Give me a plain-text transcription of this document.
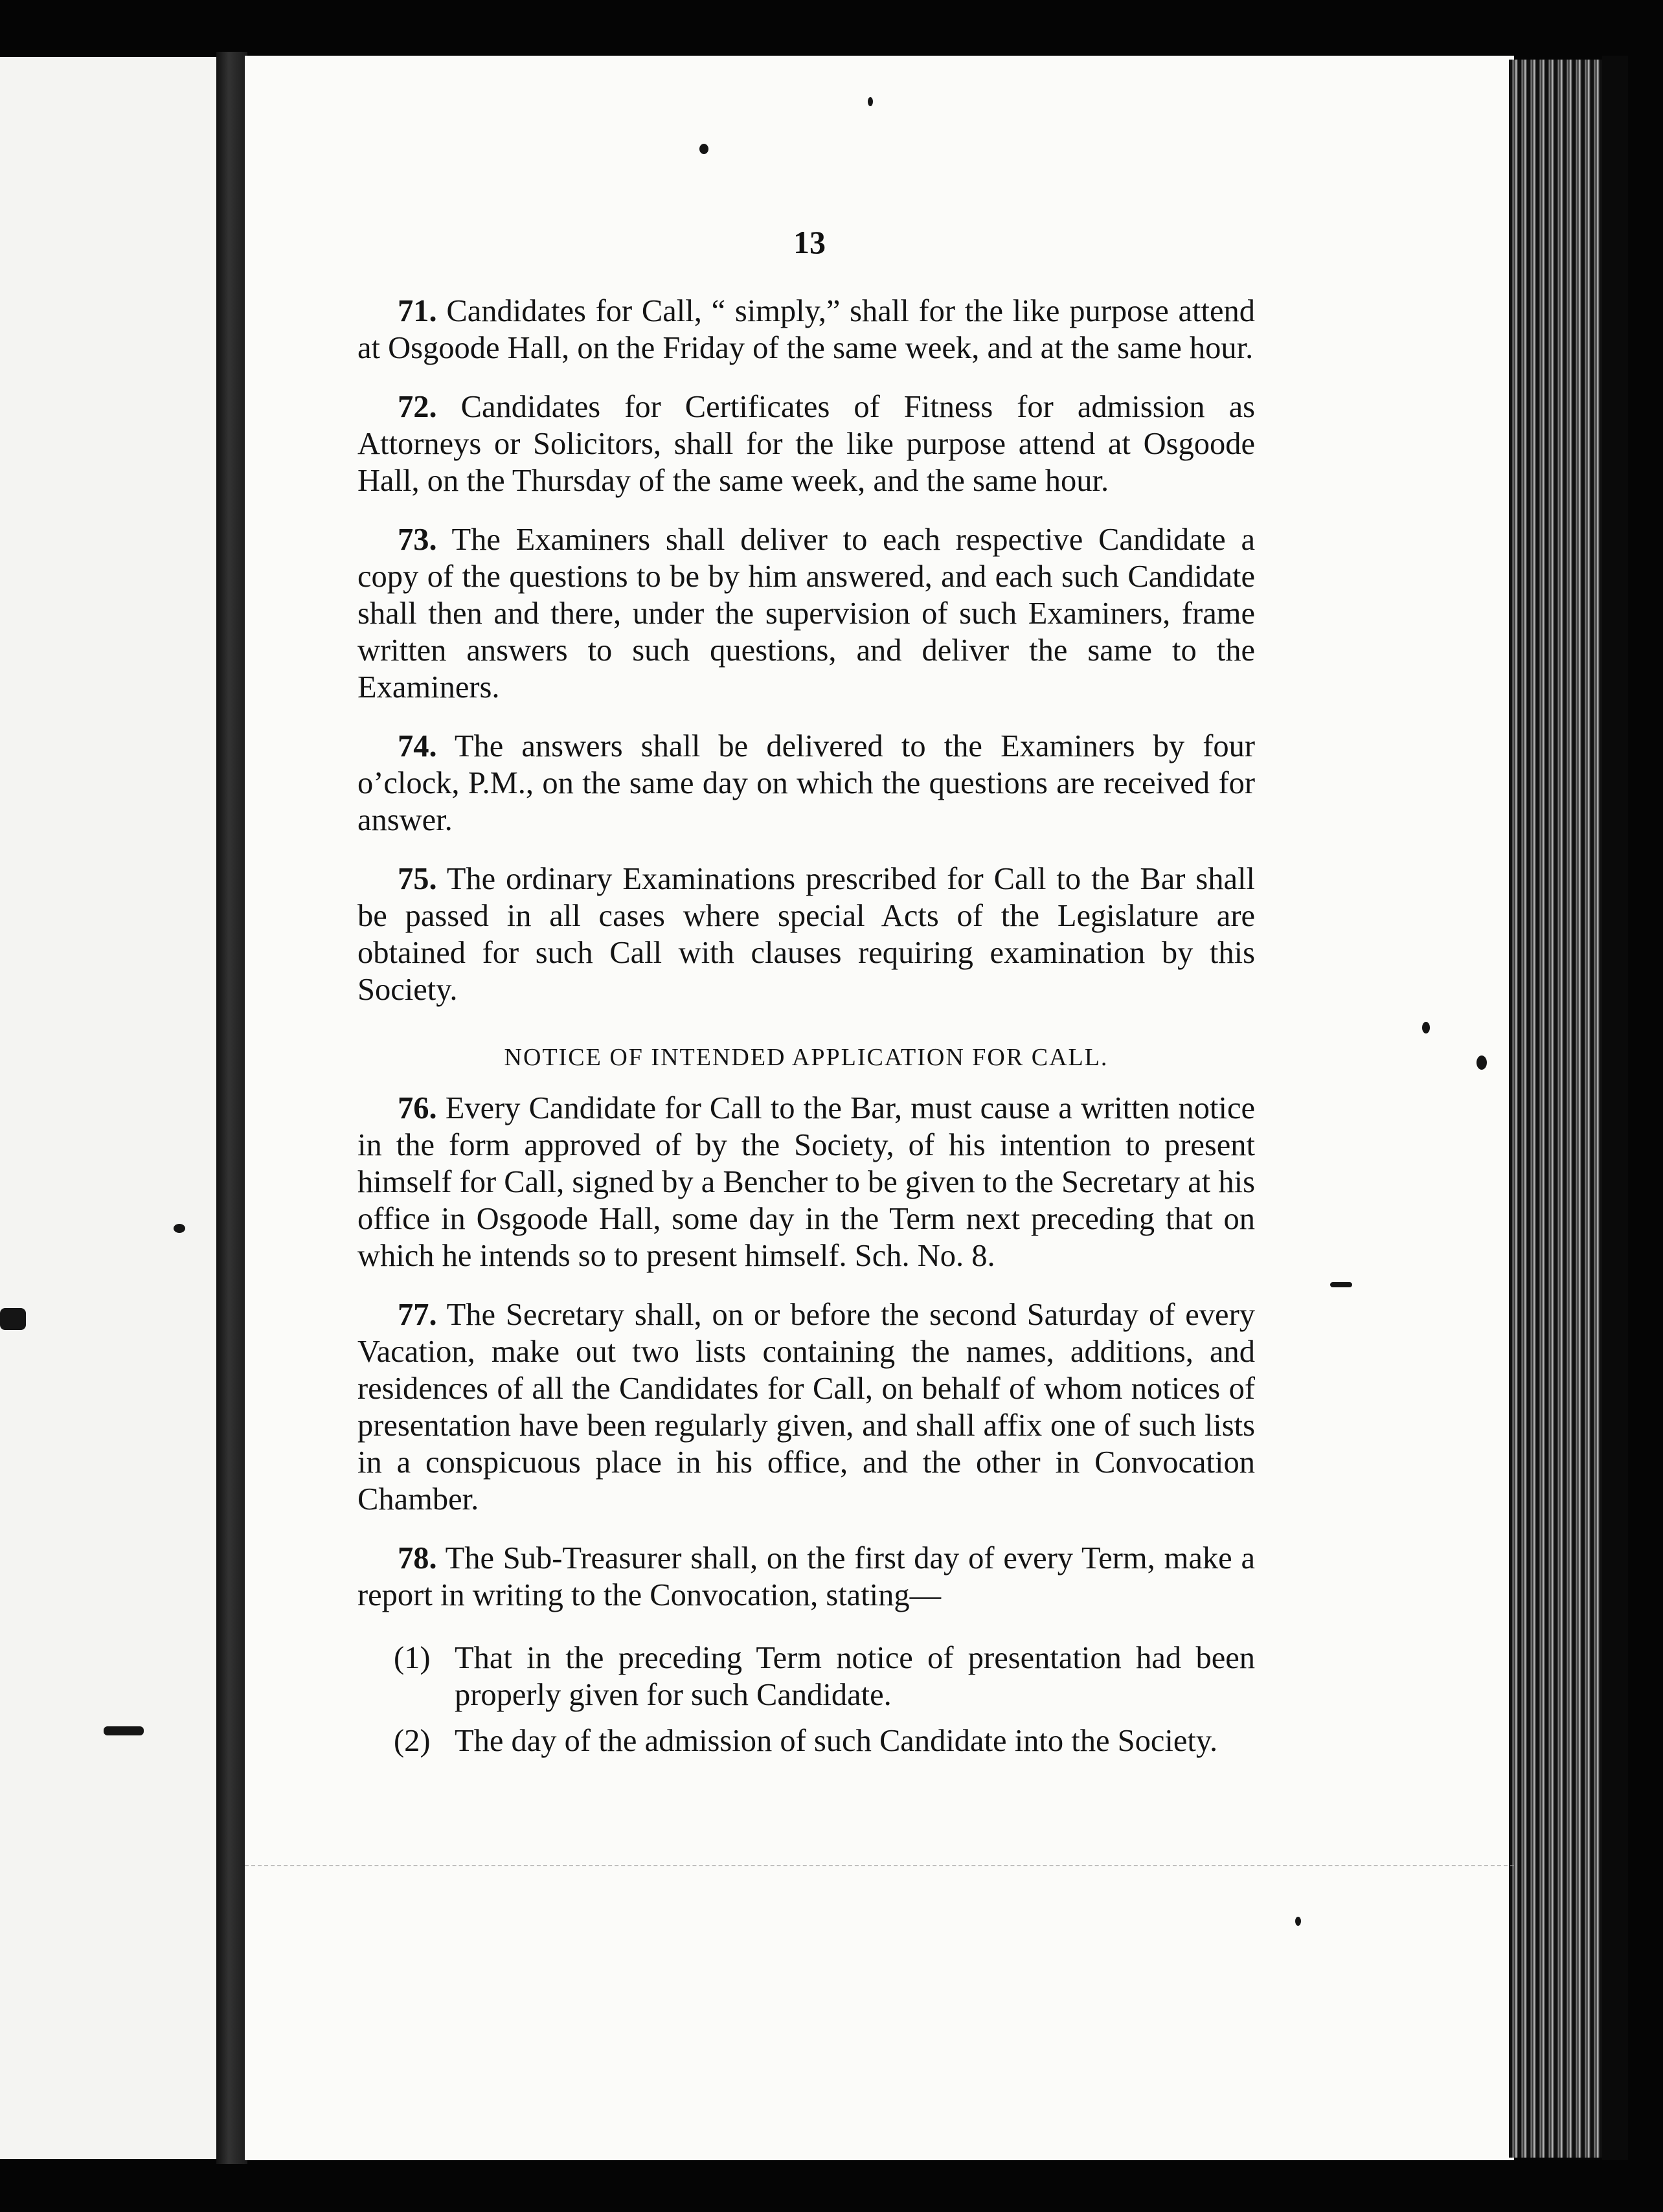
13

71. Candidates for Call, “ simply,” shall for the like purpose attend at Osgoode Hall, on the Friday of the same week, and at the same hour.

72. Candidates for Certificates of Fitness for admission as Attorneys or Solicitors, shall for the like purpose attend at Osgoode Hall, on the Thursday of the same week, and the same hour.

73. The Examiners shall deliver to each respective Candidate a copy of the questions to be by him answered, and each such Candidate shall then and there, under the supervision of such Examiners, frame written answers to such questions, and deliver the same to the Examiners.

74. The answers shall be delivered to the Examiners by four o’clock, P.M., on the same day on which the questions are received for answer.

75. The ordinary Examinations prescribed for Call to the Bar shall be passed in all cases where special Acts of the Legislature are obtained for such Call with clauses requiring examination by this Society.

NOTICE OF INTENDED APPLICATION FOR CALL.

76. Every Candidate for Call to the Bar, must cause a written notice in the form approved of by the Society, of his intention to present himself for Call, signed by a Bencher to be given to the Secretary at his office in Osgoode Hall, some day in the Term next preceding that on which he intends so to present himself. Sch. No. 8.

77. The Secretary shall, on or before the second Saturday of every Vacation, make out two lists containing the names, additions, and residences of all the Candidates for Call, on behalf of whom notices of presentation have been regularly given, and shall affix one of such lists in a conspicuous place in his office, and the other in Convocation Chamber.

78. The Sub-Treasurer shall, on the first day of every Term, make a report in writing to the Convocation, stating—

(1) That in the preceding Term notice of presentation had been properly given for such Candidate.

(2) The day of the admission of such Candidate into the Society.
